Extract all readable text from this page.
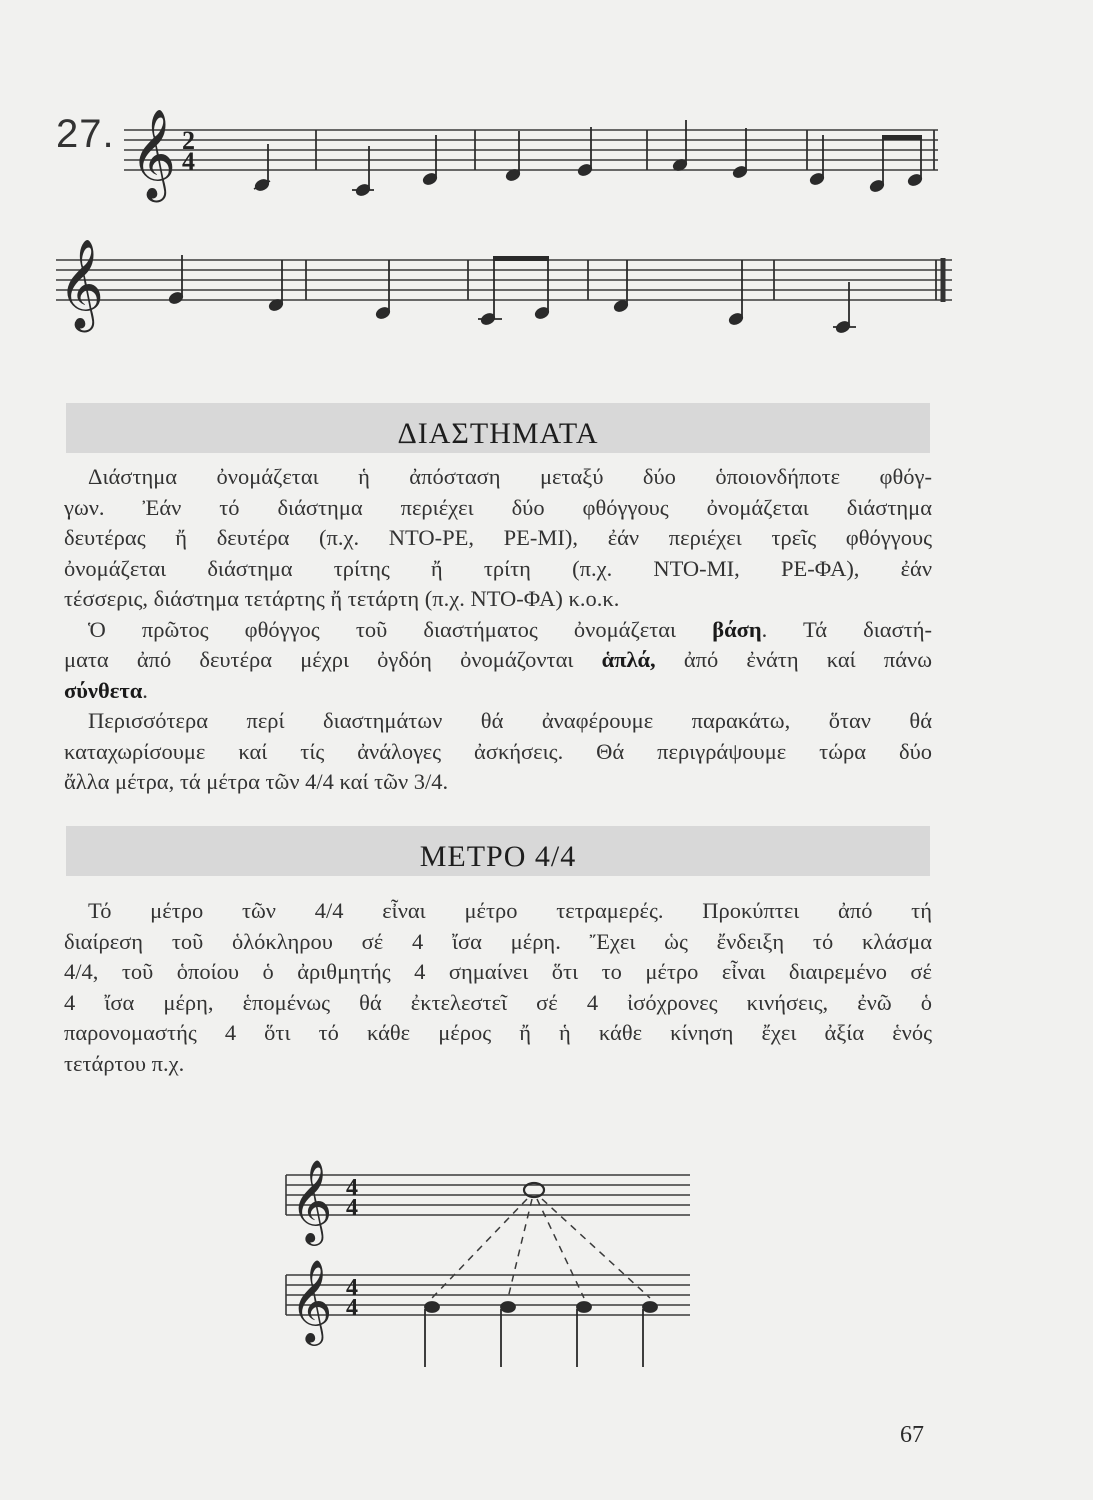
27. 𝄞 2
4
𝄞
ΔΙΑΣΤΗΜΑΤΑ
Διάστημα ὀνομάζεται ἡ ἀπόσταση μεταξύ δύο ὁποιονδήποτε φθόγ-
γων. Ἐάν τό διάστημα περιέχει δύο φθόγγους ὀνομάζεται διάστημα
δευτέρας ἤ δευτέρα (π.χ. ΝΤΟ-ΡΕ, ΡΕ-ΜΙ), ἐάν περιέχει τρεῖς φθόγγους
ὀνομάζεται διάστημα τρίτης ἤ τρίτη (π.χ. ΝΤΟ-ΜΙ, ΡΕ-ΦΑ), ἐάν
τέσσερις, διάστημα τετάρτης ἤ τετάρτη (π.χ. ΝΤΟ-ΦΑ) κ.ο.κ.
Ὁ πρῶτος φθόγγος τοῦ διαστήματος ὀνομάζεται βάση. Τά διαστή-
ματα ἀπό δευτέρα μέχρι ὀγδόη ὀνομάζονται ἁπλά, ἀπό ἐνάτη καί πάνω
σύνθετα.
Περισσότερα περί διαστημάτων θά ἀναφέρουμε παρακάτω, ὅταν θά
καταχωρίσουμε καί τίς ἀνάλογες ἀσκήσεις. Θά περιγράψουμε τώρα δύο
ἄλλα μέτρα, τά μέτρα τῶν 4/4 καί τῶν 3/4.
ΜΕΤΡΟ 4/4
Τό μέτρο τῶν 4/4 εἶναι μέτρο τετραμερές. Προκύπτει ἀπό τή
διαίρεση τοῦ ὁλόκληρου σέ 4 ἴσα μέρη. Ἔχει ὡς ἔνδειξη τό κλάσμα
4/4, τοῦ ὁποίου ὁ ἀριθμητής 4 σημαίνει ὅτι το μέτρο εἶναι διαιρεμένο σέ
4 ἴσα μέρη, ἑπομένως θά ἐκτελεστεῖ σέ 4 ἰσόχρονες κινήσεις, ἐνῶ ὁ
παρονομαστής 4 ὅτι τό κάθε μέρος ἤ ἡ κάθε κίνηση ἔχει ἀξία ἑνός
τετάρτου π.χ.
𝄞 4
4
𝄞 4
4
67
